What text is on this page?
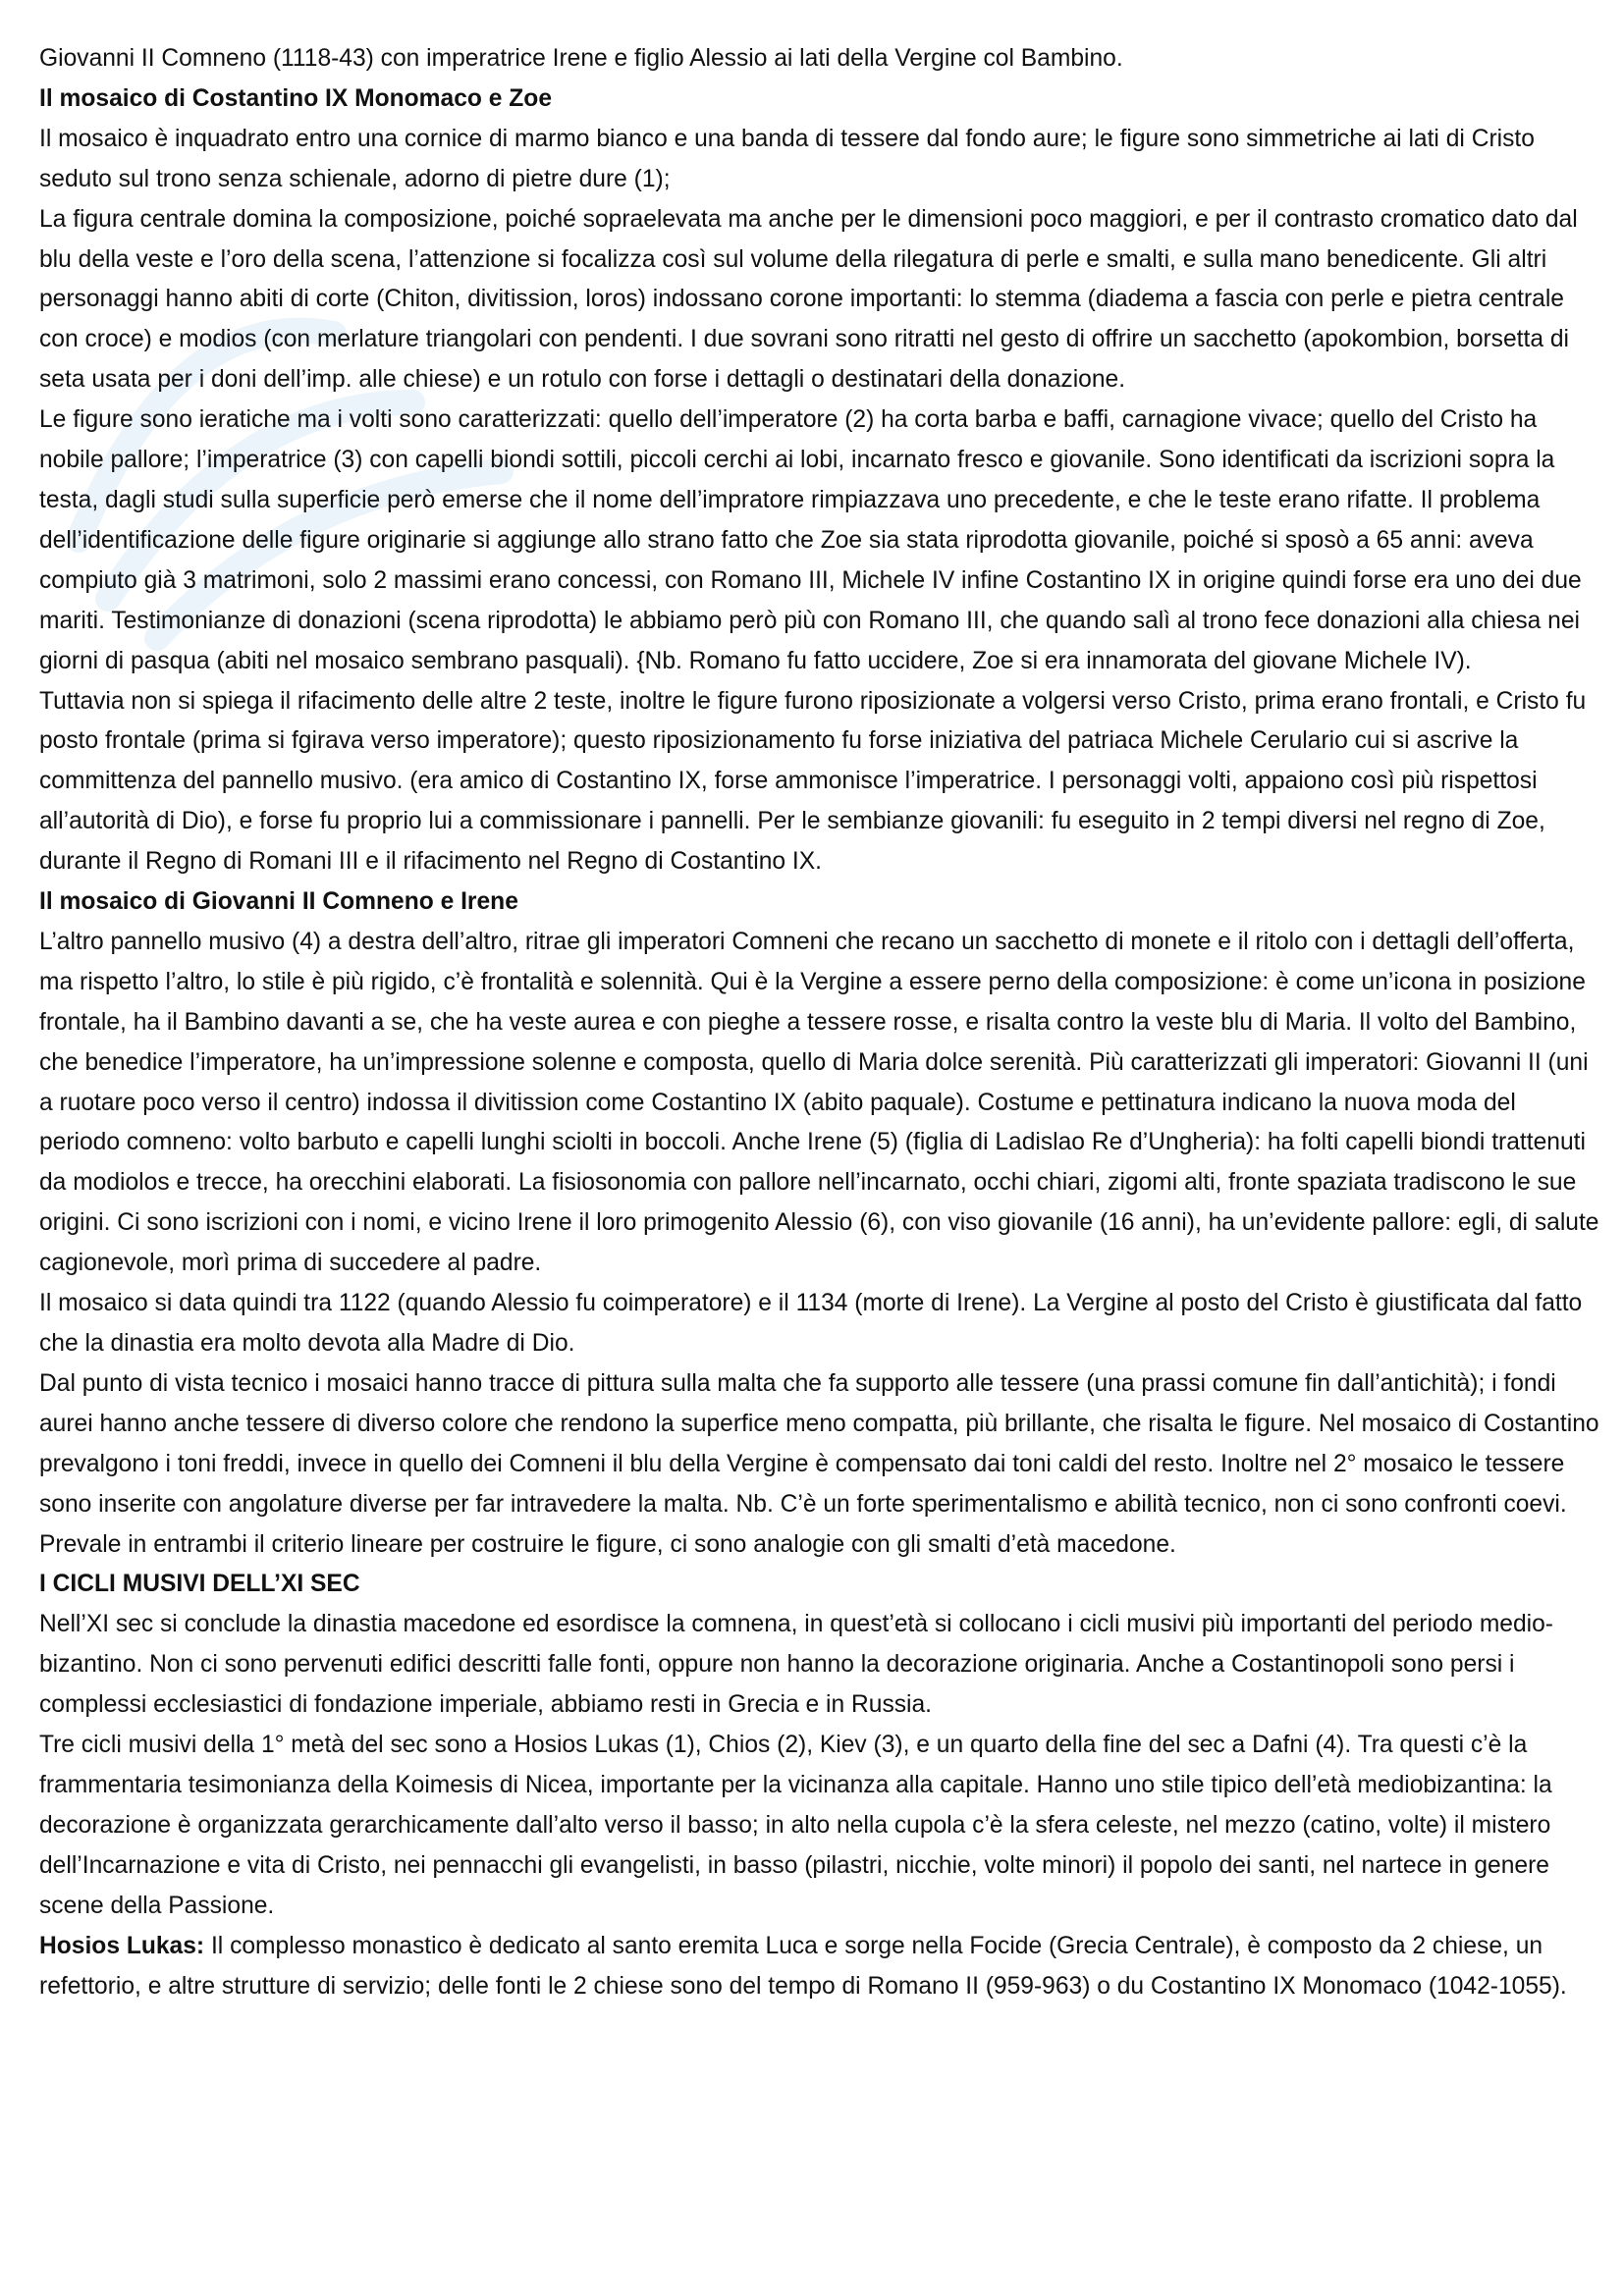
Giovanni II Comneno (1118-43) con imperatrice Irene e figlio Alessio ai lati della Vergine col Bambino.

Il mosaico di Costantino IX Monomaco e Zoe

Il mosaico è inquadrato entro una cornice di marmo bianco e una banda di tessere dal fondo aure; le figure sono simmetriche ai lati di Cristo seduto sul trono senza schienale, adorno di pietre dure (1);

La figura centrale domina la composizione, poiché sopraelevata ma anche per le dimensioni poco maggiori, e per il contrasto cromatico dato dal blu della veste e l’oro della scena, l’attenzione si focalizza così sul volume della rilegatura di perle e smalti, e sulla mano benedicente. Gli altri personaggi hanno abiti di corte (Chiton, divitission, loros) indossano corone importanti: lo stemma (diadema a fascia con perle e pietra centrale con croce) e modios (con merlature triangolari con pendenti. I due sovrani sono ritratti nel gesto di offrire un sacchetto (apokombion, borsetta di seta usata per i doni dell’imp. alle chiese) e un rotulo con forse i dettagli o destinatari della donazione.

Le figure sono ieratiche ma i volti sono caratterizzati: quello dell’imperatore (2) ha corta barba e baffi, carnagione vivace; quello del Cristo ha nobile pallore; l’imperatrice (3) con capelli biondi sottili, piccoli cerchi ai lobi, incarnato fresco e giovanile. Sono identificati da iscrizioni sopra la testa, dagli studi sulla superficie però emerse che il nome dell’impratore rimpiazzava uno precedente, e che le teste erano rifatte. Il problema dell’identificazione delle figure originarie si aggiunge allo strano fatto che Zoe sia stata riprodotta giovanile, poiché si sposò a 65 anni: aveva compiuto già 3 matrimoni, solo 2 massimi erano concessi, con Romano III, Michele IV infine Costantino IX in origine quindi forse era uno dei due mariti. Testimonianze di donazioni (scena riprodotta) le abbiamo però più con Romano III, che quando salì al trono fece donazioni alla chiesa nei giorni di pasqua (abiti nel mosaico sembrano pasquali). {Nb. Romano fu fatto uccidere, Zoe si era innamorata del giovane Michele IV).

Tuttavia non si spiega il rifacimento delle altre 2 teste, inoltre le figure furono riposizionate a volgersi verso Cristo, prima erano frontali, e Cristo fu posto frontale (prima si fgirava verso imperatore); questo riposizionamento fu forse iniziativa del patriaca Michele Cerulario cui si ascrive la committenza del pannello musivo. (era amico di Costantino IX, forse ammonisce l’imperatrice. I personaggi volti, appaiono così più rispettosi all’autorità di Dio), e forse fu proprio lui a commissionare i pannelli. Per le sembianze giovanili: fu eseguito in 2 tempi diversi nel regno di Zoe, durante il Regno di Romani III e il rifacimento nel Regno di Costantino IX.

Il mosaico di Giovanni II Comneno e Irene

L’altro pannello musivo (4) a destra dell’altro, ritrae gli imperatori Comneni che recano un sacchetto di monete e il ritolo con i dettagli dell’offerta, ma rispetto l’altro, lo stile è più rigido, c’è frontalità e solennità. Qui è la Vergine a essere perno della composizione: è come un’icona in posizione frontale, ha il Bambino davanti a se, che ha veste aurea e con pieghe a tessere rosse, e risalta contro la veste blu di Maria. Il volto del Bambino, che benedice l’imperatore, ha un’impressione solenne e composta, quello di Maria dolce serenità. Più caratterizzati gli imperatori: Giovanni II (uni a ruotare poco verso il centro) indossa il divitission come Costantino IX (abito paquale). Costume e pettinatura indicano la nuova moda del periodo comneno: volto barbuto e capelli lunghi sciolti in boccoli. Anche Irene (5) (figlia di Ladislao Re d’Ungheria): ha folti capelli biondi trattenuti da modiolos e trecce, ha orecchini elaborati. La fisiosonomia con pallore nell’incarnato, occhi chiari, zigomi alti, fronte spaziata tradiscono le sue origini. Ci sono iscrizioni con i nomi, e vicino Irene il loro primogenito Alessio (6), con viso giovanile (16 anni), ha un’evidente pallore: egli, di salute cagionevole, morì prima di succedere al padre.

Il mosaico si data quindi tra 1122 (quando Alessio fu coimperatore) e il 1134 (morte di Irene). La Vergine al posto del Cristo è giustificata dal fatto che la dinastia era molto devota alla Madre di Dio.

Dal punto di vista tecnico i mosaici hanno tracce di pittura sulla malta che fa supporto alle tessere (una prassi comune fin dall’antichità); i fondi aurei hanno anche tessere di diverso colore che rendono la superfice meno compatta, più brillante, che risalta le figure. Nel mosaico di Costantino prevalgono i toni freddi, invece in quello dei Comneni il blu della Vergine è compensato dai toni caldi del resto. Inoltre nel 2° mosaico le tessere sono inserite con angolature diverse per far intravedere la malta. Nb. C’è un forte sperimentalismo e abilità tecnico, non ci sono confronti coevi. Prevale in entrambi il criterio lineare per costruire le figure, ci sono analogie con gli smalti d’età macedone.

I CICLI MUSIVI DELL’XI SEC

Nell’XI sec si conclude la dinastia macedone ed esordisce la comnena, in quest’età si collocano i cicli musivi più importanti del periodo medio-bizantino. Non ci sono pervenuti edifici descritti falle fonti, oppure non hanno la decorazione originaria. Anche a Costantinopoli sono persi i complessi ecclesiastici di fondazione imperiale, abbiamo resti in Grecia e in Russia.

Tre cicli musivi della 1° metà del sec sono a Hosios Lukas (1), Chios (2), Kiev (3), e un quarto della fine del sec a Dafni (4). Tra questi c’è la frammentaria tesimonianza della Koimesis di Nicea, importante per la vicinanza alla capitale. Hanno uno stile tipico dell’età mediobizantina: la decorazione è organizzata gerarchicamente dall’alto verso il basso; in alto nella cupola c’è la sfera celeste, nel mezzo (catino, volte) il mistero dell’Incarnazione e vita di Cristo, nei pennacchi gli evangelisti, in basso (pilastri, nicchie, volte minori) il popolo dei santi, nel nartece in genere scene della Passione.

Hosios Lukas: Il complesso monastico è dedicato al santo eremita Luca e sorge nella Focide (Grecia Centrale), è composto da 2 chiese, un refettorio, e altre strutture di servizio; delle fonti le 2 chiese sono del tempo di Romano II (959-963) o du Costantino IX Monomaco (1042-1055).
